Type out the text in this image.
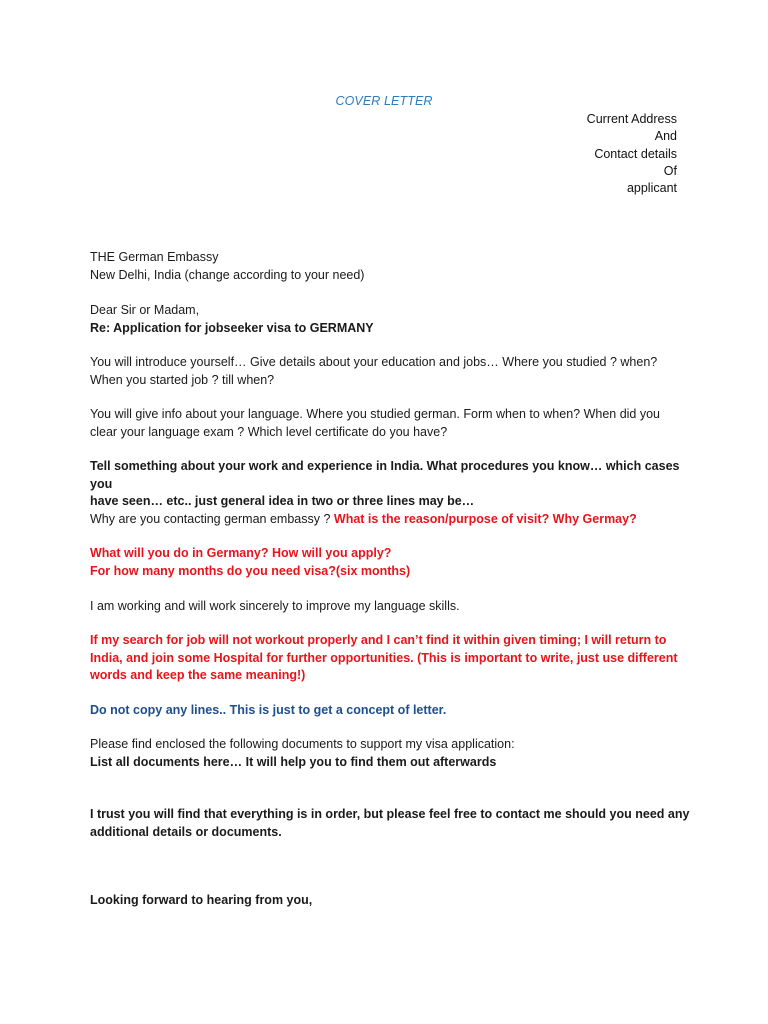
COVER LETTER
Current Address
And
Contact details
Of
applicant
THE German Embassy
New Delhi, India (change according to your need)
Dear Sir or Madam,
Re: Application for jobseeker visa to GERMANY
You will introduce yourself… Give details about your education and jobs… Where you studied ? when?
When you started job ? till when?
You will give info about your language. Where you studied german. Form when to when? When did you
clear your language exam ? Which level certificate do you have?
Tell something about your work and experience in India. What procedures you know… which cases you
have seen… etc.. just general idea in two or three lines may be…
Why are you contacting german embassy ? What is the reason/purpose of visit? Why Germay?
What will you do in Germany? How will you apply?
For how many months do you need visa?(six months)
I am working and will work sincerely to improve my language skills.
If my search for job will not workout properly and I can’t find it within given timing; I will return to
India, and join some Hospital for further opportunities. (This is important to write, just use different
words and keep the same meaning!)
Do not copy any lines.. This is just to get a concept of letter.
Please find enclosed the following documents to support my visa application:
List all documents here… It will help you to find them out afterwards
I trust you will find that everything is in order, but please feel free to contact me should you need any
additional details or documents.
Looking forward to hearing from you,
